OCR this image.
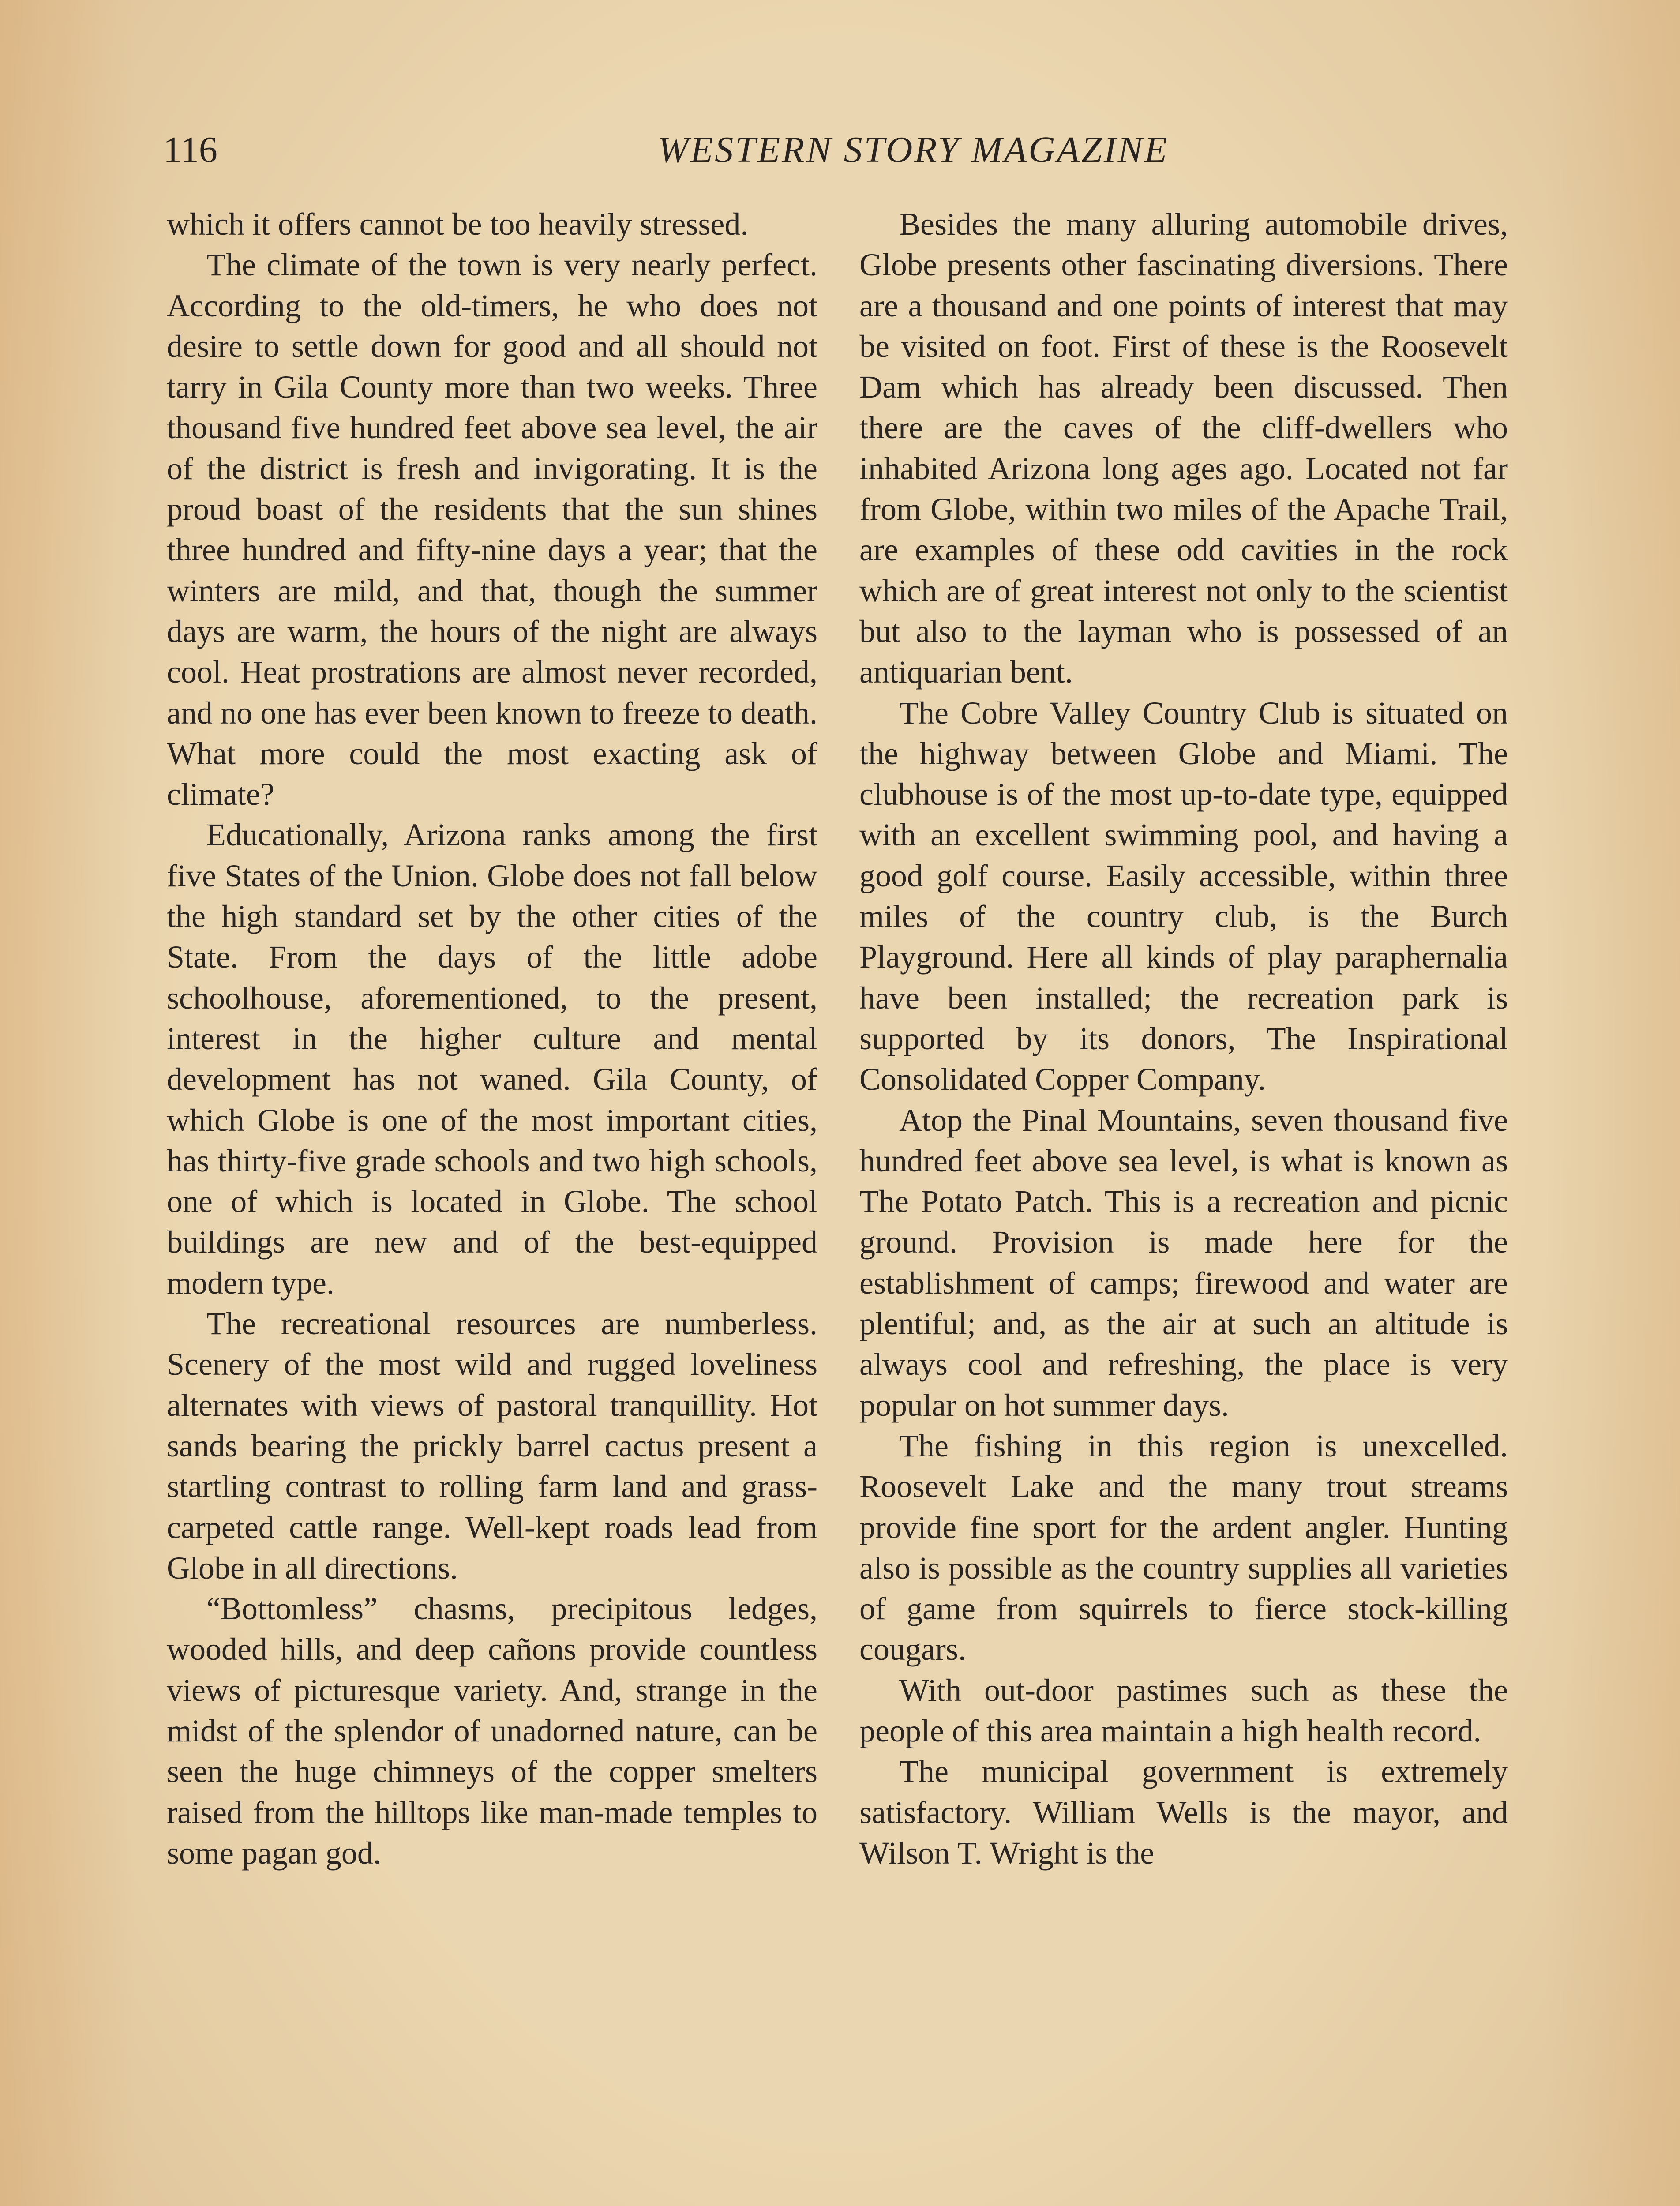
116	WESTERN STORY MAGAZINE

which it offers cannot be too heavily stressed.

The climate of the town is very nearly perfect. According to the old-timers, he who does not desire to settle down for good and all should not tarry in Gila County more than two weeks. Three thousand five hundred feet above sea level, the air of the district is fresh and invigorating. It is the proud boast of the residents that the sun shines three hundred and fifty-nine days a year; that the winters are mild, and that, though the summer days are warm, the hours of the night are always cool. Heat prostrations are almost never recorded, and no one has ever been known to freeze to death. What more could the most exacting ask of climate?

Educationally, Arizona ranks among the first five States of the Union. Globe does not fall below the high standard set by the other cities of the State. From the days of the little adobe schoolhouse, aforementioned, to the present, interest in the higher culture and mental development has not waned. Gila County, of which Globe is one of the most important cities, has thirty-five grade schools and two high schools, one of which is located in Globe. The school buildings are new and of the best-equipped modern type.

The recreational resources are numberless. Scenery of the most wild and rugged loveliness alternates with views of pastoral tranquillity. Hot sands bearing the prickly barrel cactus present a startling contrast to rolling farm land and grass-carpeted cattle range. Well-kept roads lead from Globe in all directions.

“Bottomless” chasms, precipitous ledges, wooded hills, and deep cañons provide countless views of picturesque variety. And, strange in the midst of the splendor of unadorned nature, can be seen the huge chimneys of the copper smelters raised from the hilltops like man-made temples to some pagan god.

Besides the many alluring automobile drives, Globe presents other fascinating diversions. There are a thousand and one points of interest that may be visited on foot. First of these is the Roosevelt Dam which has already been discussed. Then there are the caves of the cliff-dwellers who inhabited Arizona long ages ago. Located not far from Globe, within two miles of the Apache Trail, are examples of these odd cavities in the rock which are of great interest not only to the scientist but also to the layman who is possessed of an antiquarian bent.

The Cobre Valley Country Club is situated on the highway between Globe and Miami. The clubhouse is of the most up-to-date type, equipped with an excellent swimming pool, and having a good golf course. Easily accessible, within three miles of the country club, is the Burch Playground. Here all kinds of play paraphernalia have been installed; the recreation park is supported by its donors, The Inspirational Consolidated Copper Company.

Atop the Pinal Mountains, seven thousand five hundred feet above sea level, is what is known as The Potato Patch. This is a recreation and picnic ground. Provision is made here for the establishment of camps; firewood and water are plentiful; and, as the air at such an altitude is always cool and refreshing, the place is very popular on hot summer days.

The fishing in this region is unexcelled. Roosevelt Lake and the many trout streams provide fine sport for the ardent angler. Hunting also is possible as the country supplies all varieties of game from squirrels to fierce stock-killing cougars.

With out-door pastimes such as these the people of this area maintain a high health record.

The municipal government is extremely satisfactory. William Wells is the mayor, and Wilson T. Wright is the
